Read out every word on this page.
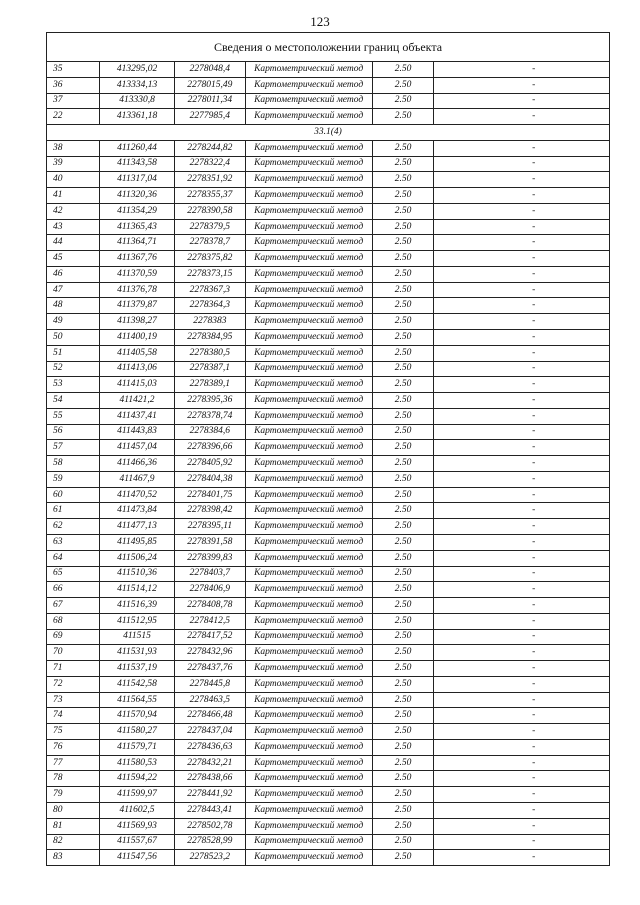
123
Сведения о местоположении границ объекта					
35	413295,02	2278048,4	Картометрический метод	2.50	-
36	413334,13	2278015,49	Картометрический метод	2.50	-
37	413330,8	2278011,34	Картометрический метод	2.50	-
22	413361,18	2277985,4	Картометрический метод	2.50	-
33.1(4)					
38	411260,44	2278244,82	Картометрический метод	2.50	-
39	411343,58	2278322,4	Картометрический метод	2.50	-
40	411317,04	2278351,92	Картометрический метод	2.50	-
41	411320,36	2278355,37	Картометрический метод	2.50	-
42	411354,29	2278390,58	Картометрический метод	2.50	-
43	411365,43	2278379,5	Картометрический метод	2.50	-
44	411364,71	2278378,7	Картометрический метод	2.50	-
45	411367,76	2278375,82	Картометрический метод	2.50	-
46	411370,59	2278373,15	Картометрический метод	2.50	-
47	411376,78	2278367,3	Картометрический метод	2.50	-
48	411379,87	2278364,3	Картометрический метод	2.50	-
49	411398,27	2278383	Картометрический метод	2.50	-
50	411400,19	2278384,95	Картометрический метод	2.50	-
51	411405,58	2278380,5	Картометрический метод	2.50	-
52	411413,06	2278387,1	Картометрический метод	2.50	-
53	411415,03	2278389,1	Картометрический метод	2.50	-
54	411421,2	2278395,36	Картометрический метод	2.50	-
55	411437,41	2278378,74	Картометрический метод	2.50	-
56	411443,83	2278384,6	Картометрический метод	2.50	-
57	411457,04	2278396,66	Картометрический метод	2.50	-
58	411466,36	2278405,92	Картометрический метод	2.50	-
59	411467,9	2278404,38	Картометрический метод	2.50	-
60	411470,52	2278401,75	Картометрический метод	2.50	-
61	411473,84	2278398,42	Картометрический метод	2.50	-
62	411477,13	2278395,11	Картометрический метод	2.50	-
63	411495,85	2278391,58	Картометрический метод	2.50	-
64	411506,24	2278399,83	Картометрический метод	2.50	-
65	411510,36	2278403,7	Картометрический метод	2.50	-
66	411514,12	2278406,9	Картометрический метод	2.50	-
67	411516,39	2278408,78	Картометрический метод	2.50	-
68	411512,95	2278412,5	Картометрический метод	2.50	-
69	411515	2278417,52	Картометрический метод	2.50	-
70	411531,93	2278432,96	Картометрический метод	2.50	-
71	411537,19	2278437,76	Картометрический метод	2.50	-
72	411542,58	2278445,8	Картометрический метод	2.50	-
73	411564,55	2278463,5	Картометрический метод	2.50	-
74	411570,94	2278466,48	Картометрический метод	2.50	-
75	411580,27	2278437,04	Картометрический метод	2.50	-
76	411579,71	2278436,63	Картометрический метод	2.50	-
77	411580,53	2278432,21	Картометрический метод	2.50	-
78	411594,22	2278438,66	Картометрический метод	2.50	-
79	411599,97	2278441,92	Картометрический метод	2.50	-
80	411602,5	2278443,41	Картометрический метод	2.50	-
81	411569,93	2278502,78	Картометрический метод	2.50	-
82	411557,67	2278528,99	Картометрический метод	2.50	-
83	411547,56	2278523,2	Картометрический метод	2.50	-
